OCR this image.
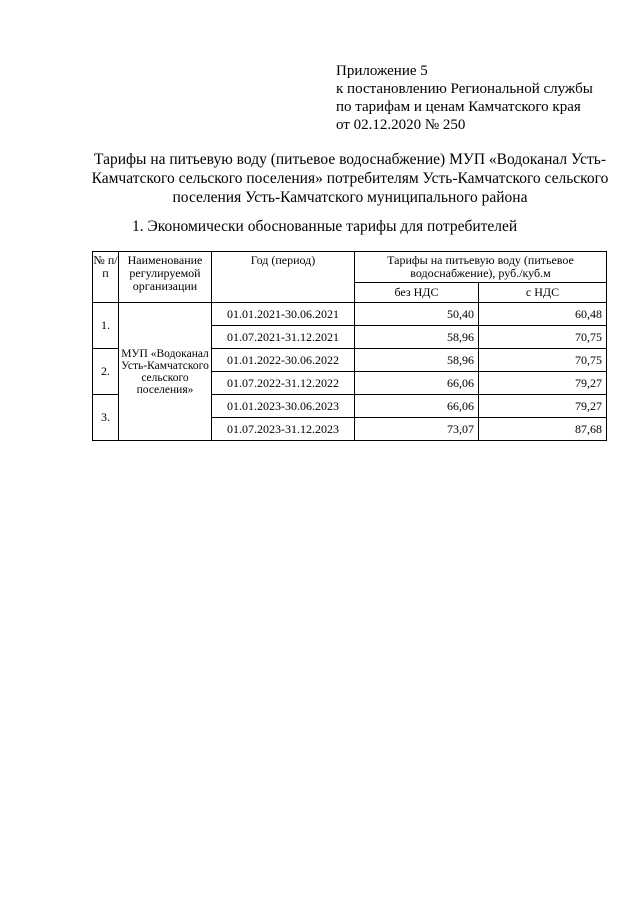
Приложение 5
к постановлению Региональной службы
по тарифам и ценам Камчатского края
от 02.12.2020 № 250
Тарифы на питьевую воду (питьевое водоснабжение) МУП «Водоканал Усть-
Камчатского сельского поселения» потребителям Усть-Камчатского сельского
поселения Усть-Камчатского муниципального района
1. Экономически обоснованные тарифы для потребителей
№ п/п	Наименование регулируемой организации	Год (период)	Тарифы на питьевую воду (питьевое водоснабжение), руб./куб.м	
			без НДС	с НДС
1.	МУП «Водоканал Усть-Камчатского сельского поселения»	01.01.2021-30.06.2021	50,40	60,48
		01.07.2021-31.12.2021	58,96	70,75
2.		01.01.2022-30.06.2022	58,96	70,75
		01.07.2022-31.12.2022	66,06	79,27
3.		01.01.2023-30.06.2023	66,06	79,27
		01.07.2023-31.12.2023	73,07	87,68
